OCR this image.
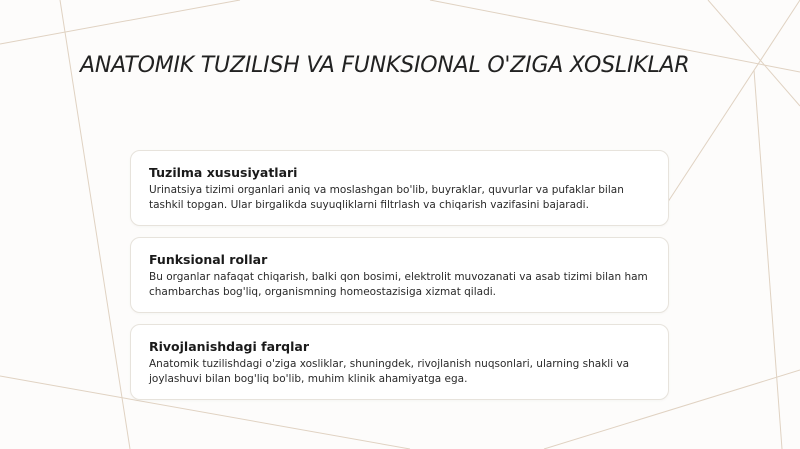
ANATOMIK TUZILISH VA FUNKSIONAL O'ZIGA XOSLIKLAR

Tuzilma xususiyatlari

Urinatsiya tizimi organlari aniq va moslashgan bo'lib, buyraklar, quvurlar va pufaklar bilan tashkil topgan. Ular birgalikda suyuqliklarni filtrlash va chiqarish vazifasini bajaradi.

Funksional rollar

Bu organlar nafaqat chiqarish, balki qon bosimi, elektrolit muvozanati va asab tizimi bilan ham chambarchas bog'liq, organismning homeostazisiga xizmat qiladi.

Rivojlanishdagi farqlar

Anatomik tuzilishdagi o'ziga xosliklar, shuningdek, rivojlanish nuqsonlari, ularning shakli va joylashuvi bilan bog'liq bo'lib, muhim klinik ahamiyatga ega.
